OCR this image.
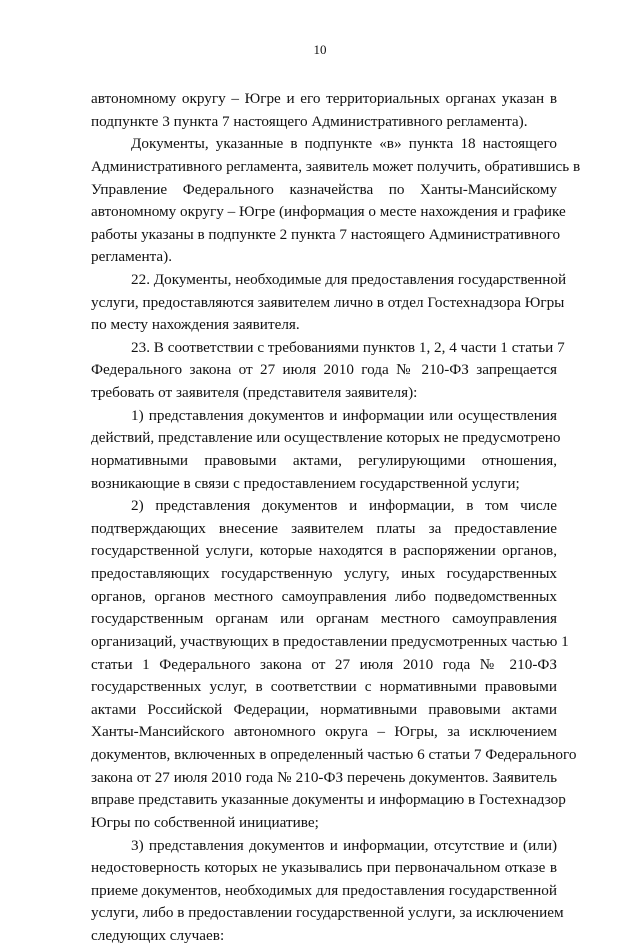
10
автономному округу – Югре и его территориальных органах указан в
подпункте 3 пункта 7 настоящего Административного регламента).
Документы, указанные в подпункте «в» пункта 18 настоящего
Административного регламента, заявитель может получить, обратившись в
Управление Федерального казначейства по Ханты-Мансийскому
автономному округу – Югре (информация о месте нахождения и графике
работы указаны в подпункте 2 пункта 7 настоящего Административного
регламента).
22. Документы, необходимые для предоставления государственной
услуги, предоставляются заявителем лично в отдел Гостехнадзора Югры
по месту нахождения заявителя.
23. В соответствии с требованиями пунктов 1, 2, 4 части 1 статьи 7
Федерального закона от 27 июля 2010 года № 210-ФЗ запрещается
требовать от заявителя (представителя заявителя):
1) представления документов и информации или осуществления
действий, представление или осуществление которых не предусмотрено
нормативными правовыми актами, регулирующими отношения,
возникающие в связи с предоставлением государственной услуги;
2) представления документов и информации, в том числе
подтверждающих внесение заявителем платы за предоставление
государственной услуги, которые находятся в распоряжении органов,
предоставляющих государственную услугу, иных государственных
органов, органов местного самоуправления либо подведомственных
государственным органам или органам местного самоуправления
организаций, участвующих в предоставлении предусмотренных частью 1
статьи 1 Федерального закона от 27 июля 2010 года № 210-ФЗ
государственных услуг, в соответствии с нормативными правовыми
актами Российской Федерации, нормативными правовыми актами
Ханты-Мансийского автономного округа – Югры, за исключением
документов, включенных в определенный частью 6 статьи 7 Федерального
закона от 27 июля 2010 года № 210-ФЗ перечень документов. Заявитель
вправе представить указанные документы и информацию в Гостехнадзор
Югры по собственной инициативе;
3) представления документов и информации, отсутствие и (или)
недостоверность которых не указывались при первоначальном отказе в
приеме документов, необходимых для предоставления государственной
услуги, либо в предоставлении государственной услуги, за исключением
следующих случаев:
